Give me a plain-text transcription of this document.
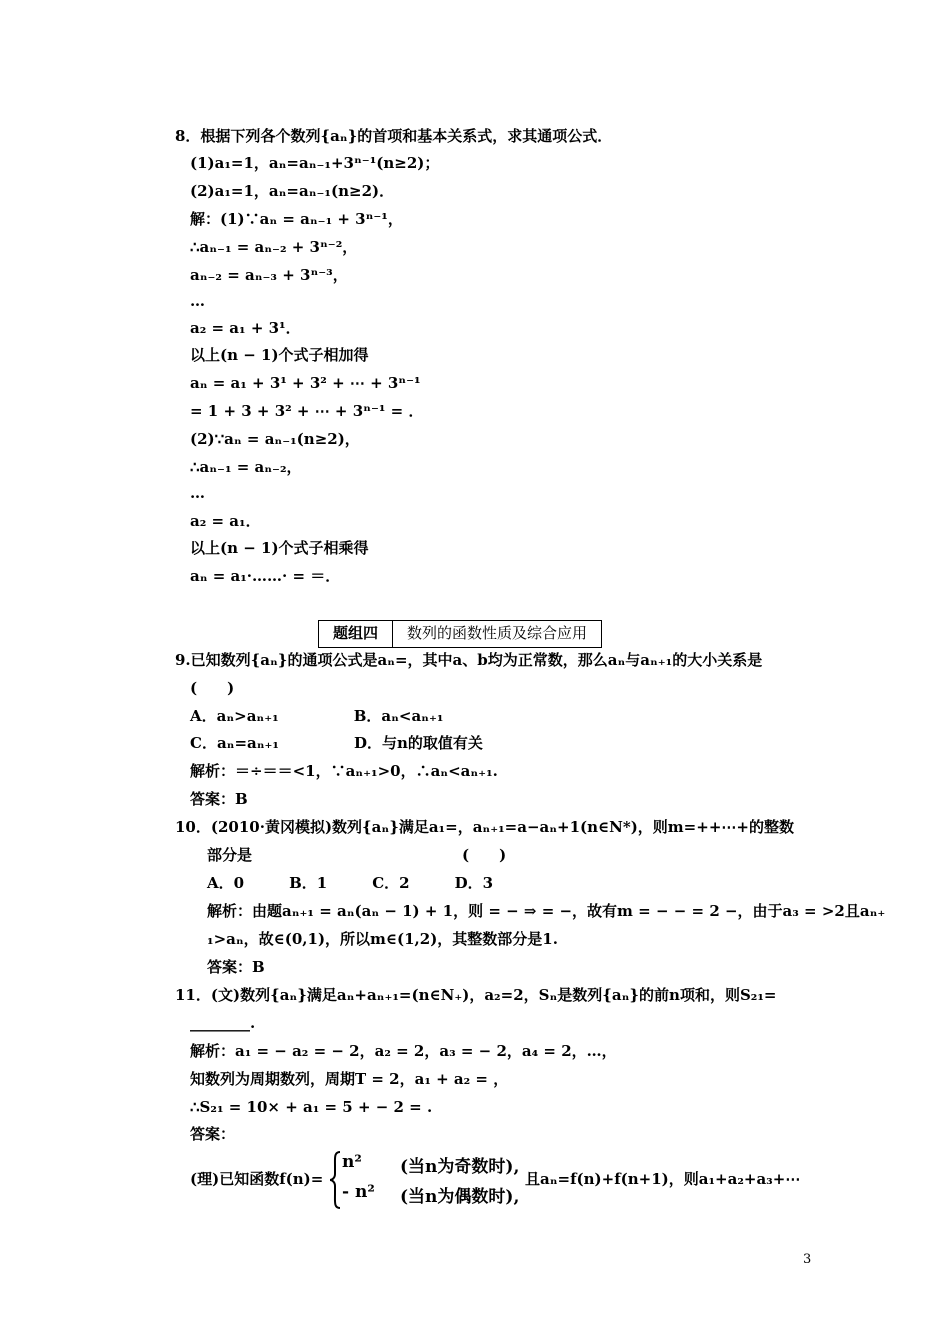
8．根据下列各个数列{aₙ}的首项和基本关系式，求其通项公式．
(1)a₁=1，aₙ=aₙ₋₁+3ⁿ⁻¹(n≥2)；
(2)a₁=1，aₙ=aₙ₋₁(n≥2)．
解：(1)∵aₙ = aₙ₋₁ + 3ⁿ⁻¹，
∴aₙ₋₁ = aₙ₋₂ + 3ⁿ⁻²，
aₙ₋₂ = aₙ₋₃ + 3ⁿ⁻³，
…
a₂ = a₁ + 3¹．
以上(n − 1)个式子相加得
aₙ = a₁ + 3¹ + 3² + ⋯ + 3ⁿ⁻¹
= 1 + 3 + 3² + ⋯ + 3ⁿ⁻¹ = ．
(2)∵aₙ = aₙ₋₁(n≥2)，
∴aₙ₋₁ = aₙ₋₂，
…
a₂ = a₁．
以上(n − 1)个式子相乘得
aₙ = a₁·……· = ＝．
9.已知数列{aₙ}的通项公式是aₙ=，其中a、b均为正常数，那么aₙ与aₙ₊₁的大小关系是
(　　)
A．aₙ>aₙ₊₁　　　　　B．aₙ<aₙ₊₁
C．aₙ=aₙ₊₁　　　　　D．与n的取值有关
解析：＝÷＝＝<1，∵aₙ₊₁>0，∴aₙ<aₙ₊₁.
答案：B
10．(2010·黄冈模拟)数列{aₙ}满足a₁=，aₙ₊₁=a−aₙ+1(n∈N*)，则m=++⋯+的整数
部分是　　　　　　　　　　　　　　(　　)
A．0　　　B．1　　　C．2　　　D．3
解析：由题aₙ₊₁ = aₙ(aₙ − 1) + 1，则 = − ⇒ = −，故有m = − − = 2 −，由于a₃ = >2且aₙ₊
₁>aₙ，故∈(0,1)，所以m∈(1,2)，其整数部分是1.
答案：B
11．(文)数列{aₙ}满足aₙ+aₙ₊₁=(n∈N₊)，a₂=2，Sₙ是数列{aₙ}的前n项和，则S₂₁=
________.
解析：a₁ = − a₂ = − 2，a₂ = 2，a₃ = − 2，a₄ = 2，…，
知数列为周期数列，周期T = 2，a₁ + a₂ = ，
∴S₂₁ = 10× + a₁ = 5 + − 2 = .
答案：
题组四	数列的函数性质及综合应用
(理)已知函数f(n)=
n² (当n为奇数时),
- n² (当n为偶数时),
且aₙ=f(n)+f(n+1)，则a₁+a₂+a₃+⋯
3
